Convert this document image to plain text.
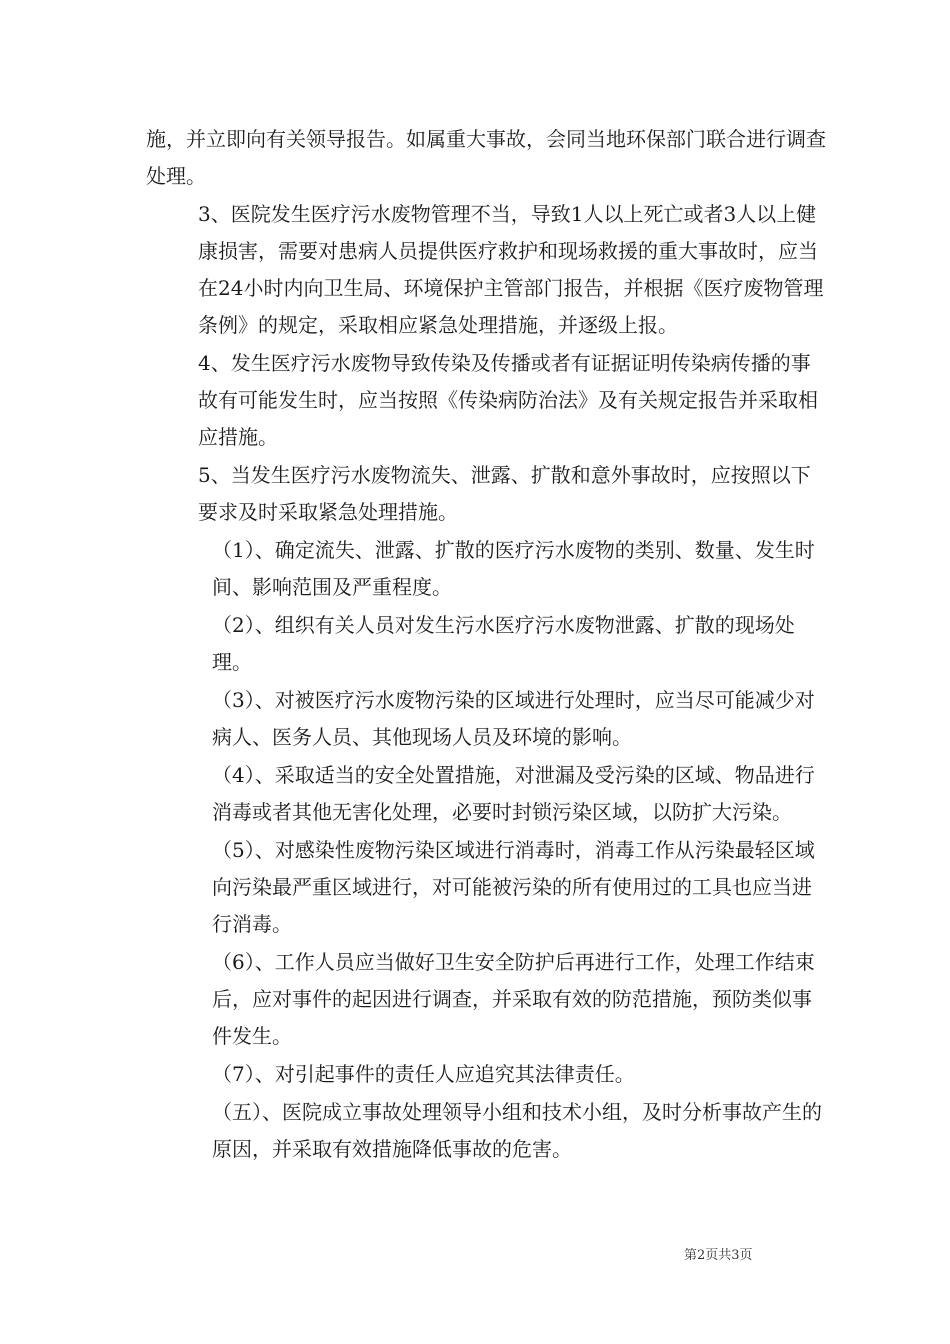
施，并立即向有关领导报告。如属重大事故，会同当地环保部门联合进行调查处理。

3、医院发生医疗污水废物管理不当，导致1人以上死亡或者3人以上健康损害，需要对患病人员提供医疗救护和现场救援的重大事故时，应当在24小时内向卫生局、环境保护主管部门报告，并根据《医疗废物管理条例》的规定，采取相应紧急处理措施，并逐级上报。

4、发生医疗污水废物导致传染及传播或者有证据证明传染病传播的事故有可能发生时，应当按照《传染病防治法》及有关规定报告并采取相应措施。

5、当发生医疗污水废物流失、泄露、扩散和意外事故时，应按照以下要求及时采取紧急处理措施。

（1）、确定流失、泄露、扩散的医疗污水废物的类别、数量、发生时间、影响范围及严重程度。

（2）、组织有关人员对发生污水医疗污水废物泄露、扩散的现场处理。

（3）、对被医疗污水废物污染的区域进行处理时，应当尽可能减少对病人、医务人员、其他现场人员及环境的影响。

（4）、采取适当的安全处置措施，对泄漏及受污染的区域、物品进行消毒或者其他无害化处理，必要时封锁污染区域，以防扩大污染。

（5）、对感染性废物污染区域进行消毒时，消毒工作从污染最轻区域向污染最严重区域进行，对可能被污染的所有使用过的工具也应当进行消毒。

（6）、工作人员应当做好卫生安全防护后再进行工作，处理工作结束后，应对事件的起因进行调查，并采取有效的防范措施，预防类似事件发生。

（7）、对引起事件的责任人应追究其法律责任。

（五）、医院成立事故处理领导小组和技术小组，及时分析事故产生的原因，并采取有效措施降低事故的危害。

第2页共3页
